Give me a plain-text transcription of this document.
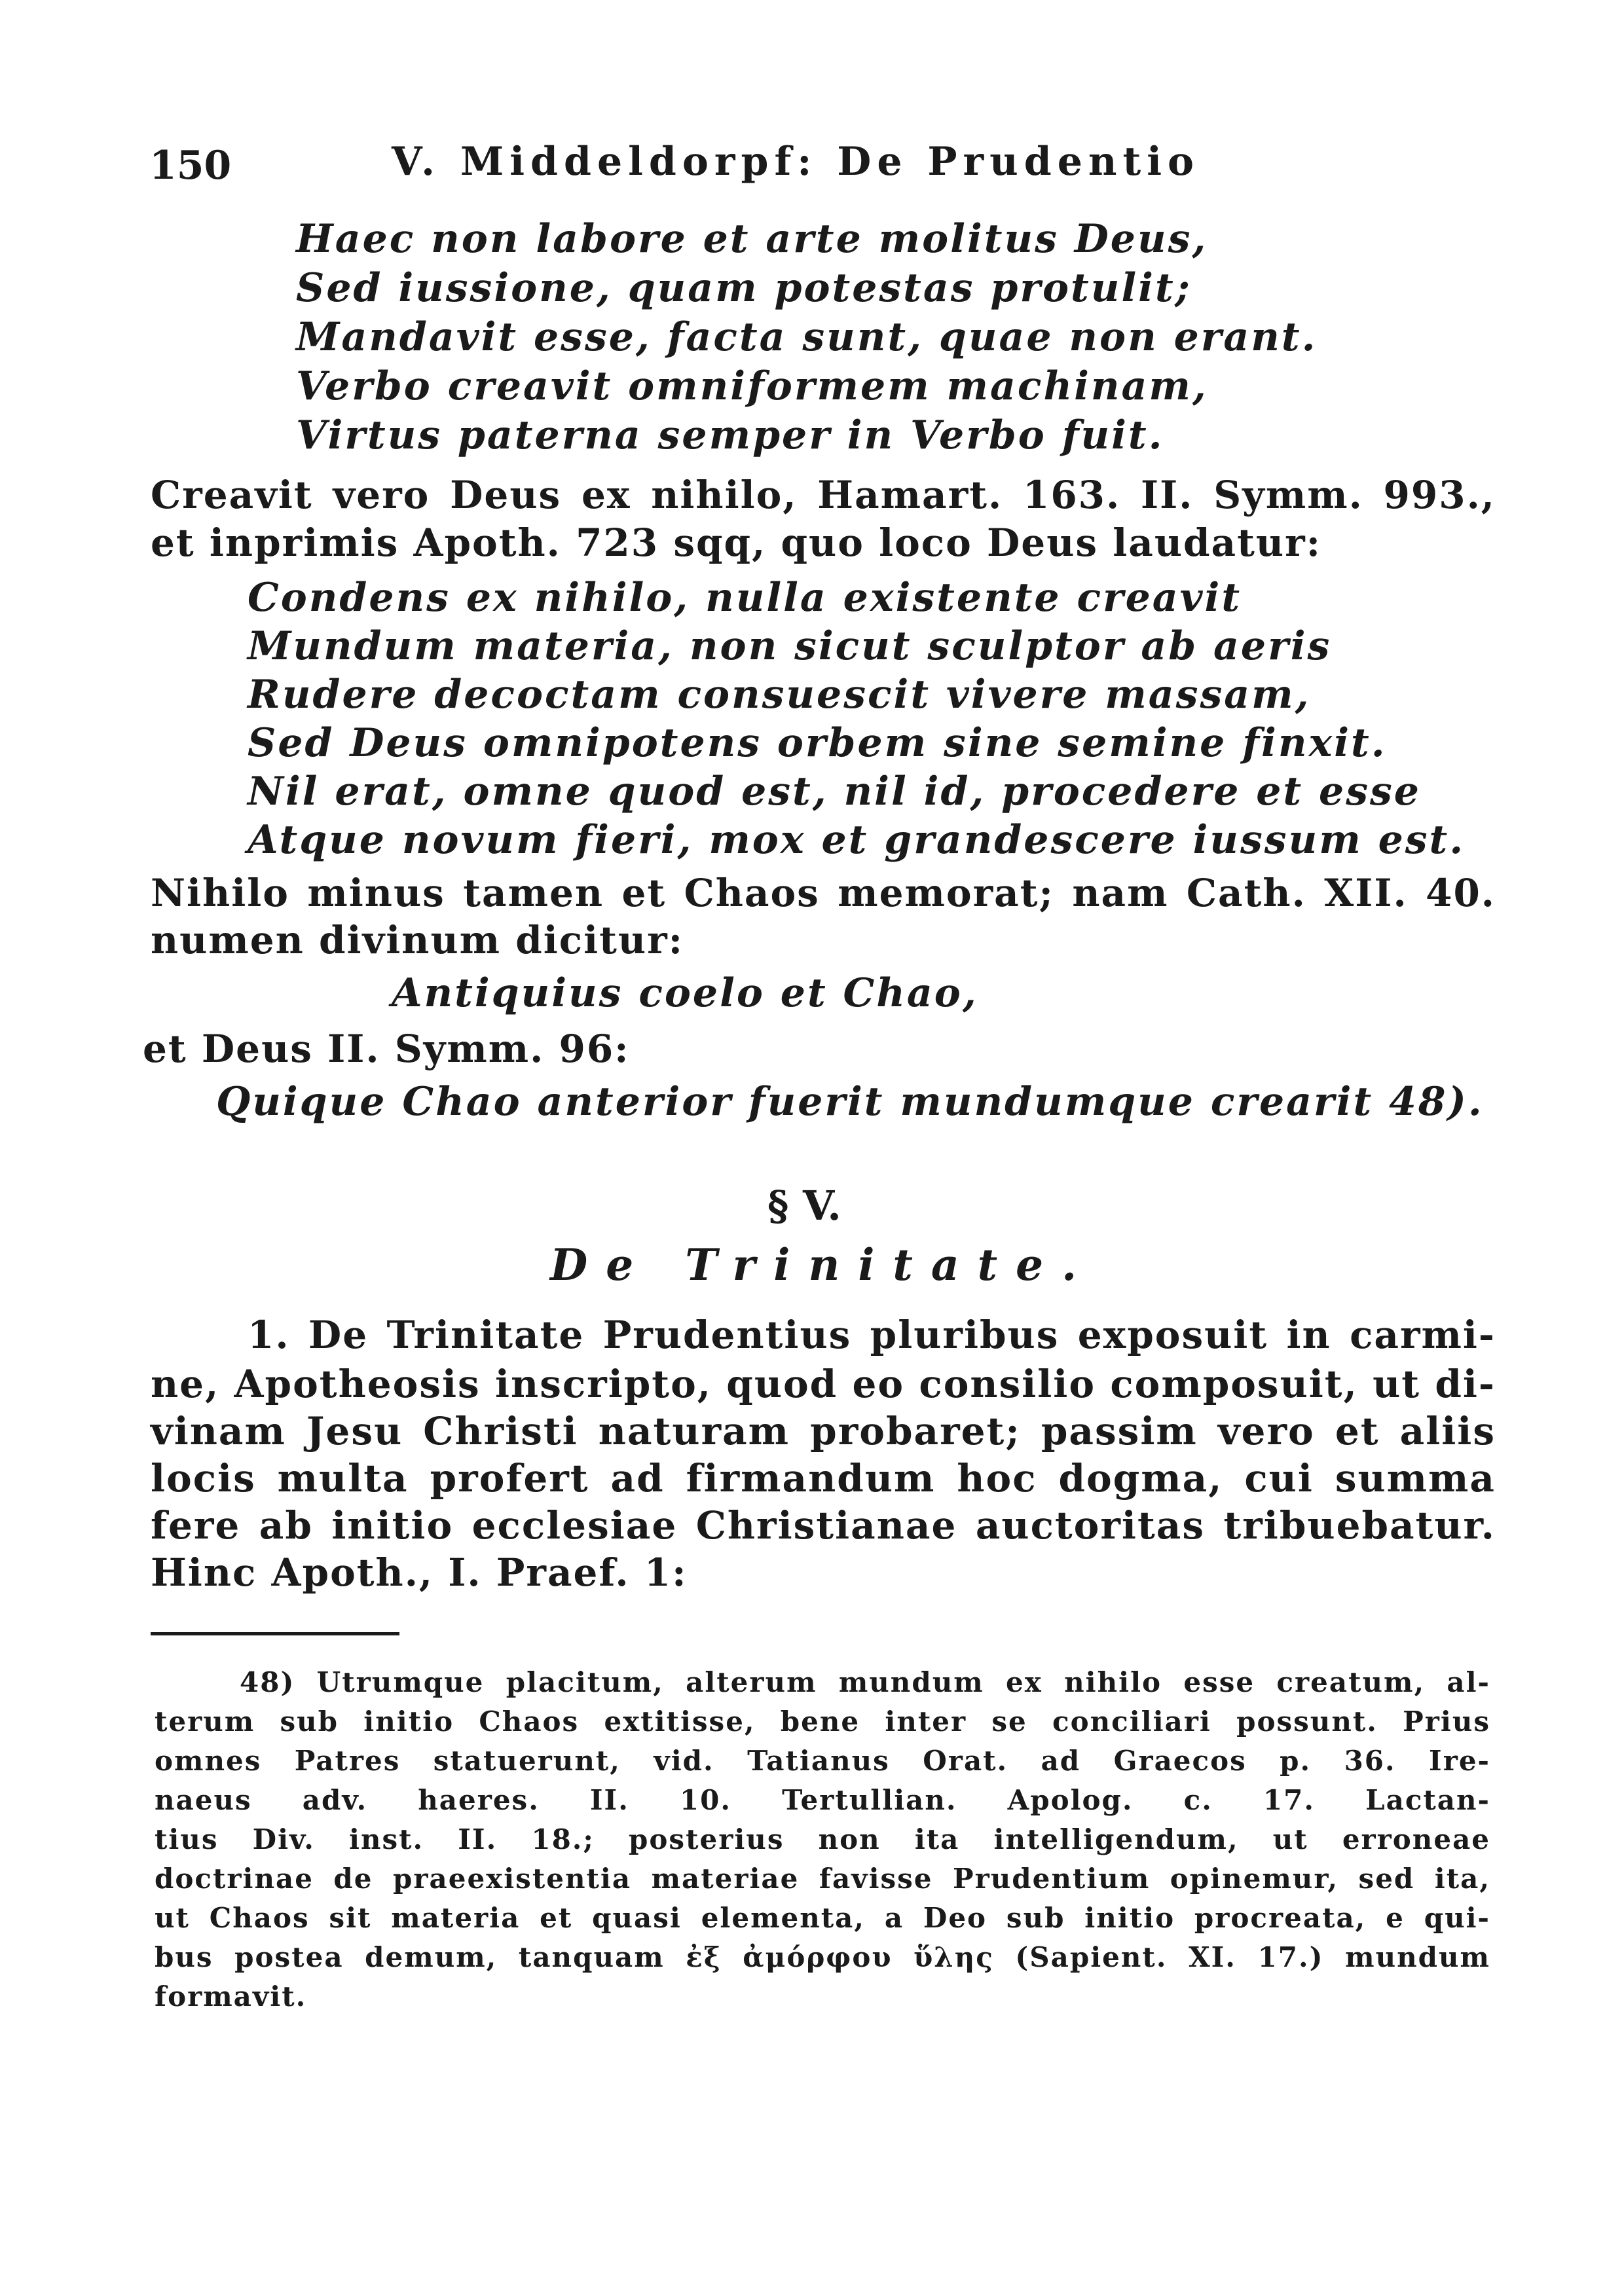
150	V. Middeldorpf: De Prudentio
Haec non labore et arte molitus Deus,
Sed iussione, quam potestas protulit;
Mandavit esse, facta sunt, quae non erant.
Verbo creavit omniformem machinam,
Virtus paterna semper in Verbo fuit.
Creavit vero Deus ex nihilo, Hamart. 163. II. Symm. 993.,
et inprimis Apoth. 723 sqq, quo loco Deus laudatur:
Condens ex nihilo, nulla existente creavit
Mundum materia, non sicut sculptor ab aeris
Rudere decoctam consuescit vivere massam,
Sed Deus omnipotens orbem sine semine finxit.
Nil erat, omne quod est, nil id, procedere et esse
Atque novum fieri, mox et grandescere iussum est.
Nihilo minus tamen et Chaos memorat; nam Cath. XII. 40.
numen divinum dicitur:
Antiquius coelo et Chao,
et Deus II. Symm. 96:
Quique Chao anterior fuerit mundumque crearit 48).
§ V.
De Trinitate.
1. De Trinitate Prudentius pluribus exposuit in carmi-
ne, Apotheosis inscripto, quod eo consilio composuit, ut di-
vinam Jesu Christi naturam probaret; passim vero et aliis
locis multa profert ad firmandum hoc dogma, cui summa
fere ab initio ecclesiae Christianae auctoritas tribuebatur.
Hinc Apoth., I. Praef. 1:
48) Utrumque placitum, alterum mundum ex nihilo esse creatum, al-
terum sub initio Chaos extitisse, bene inter se conciliari possunt. Prius
omnes Patres statuerunt, vid. Tatianus Orat. ad Graecos p. 36. Ire-
naeus adv. haeres. II. 10. Tertullian. Apolog. c. 17. Lactan-
tius Div. inst. II. 18.; posterius non ita intelligendum, ut erroneae
doctrinae de praeexistentia materiae favisse Prudentium opinemur, sed ita,
ut Chaos sit materia et quasi elementa, a Deo sub initio procreata, e qui-
bus postea demum, tanquam ἐξ ἀμόρφου ὕλης (Sapient. XI. 17.) mundum
formavit.
